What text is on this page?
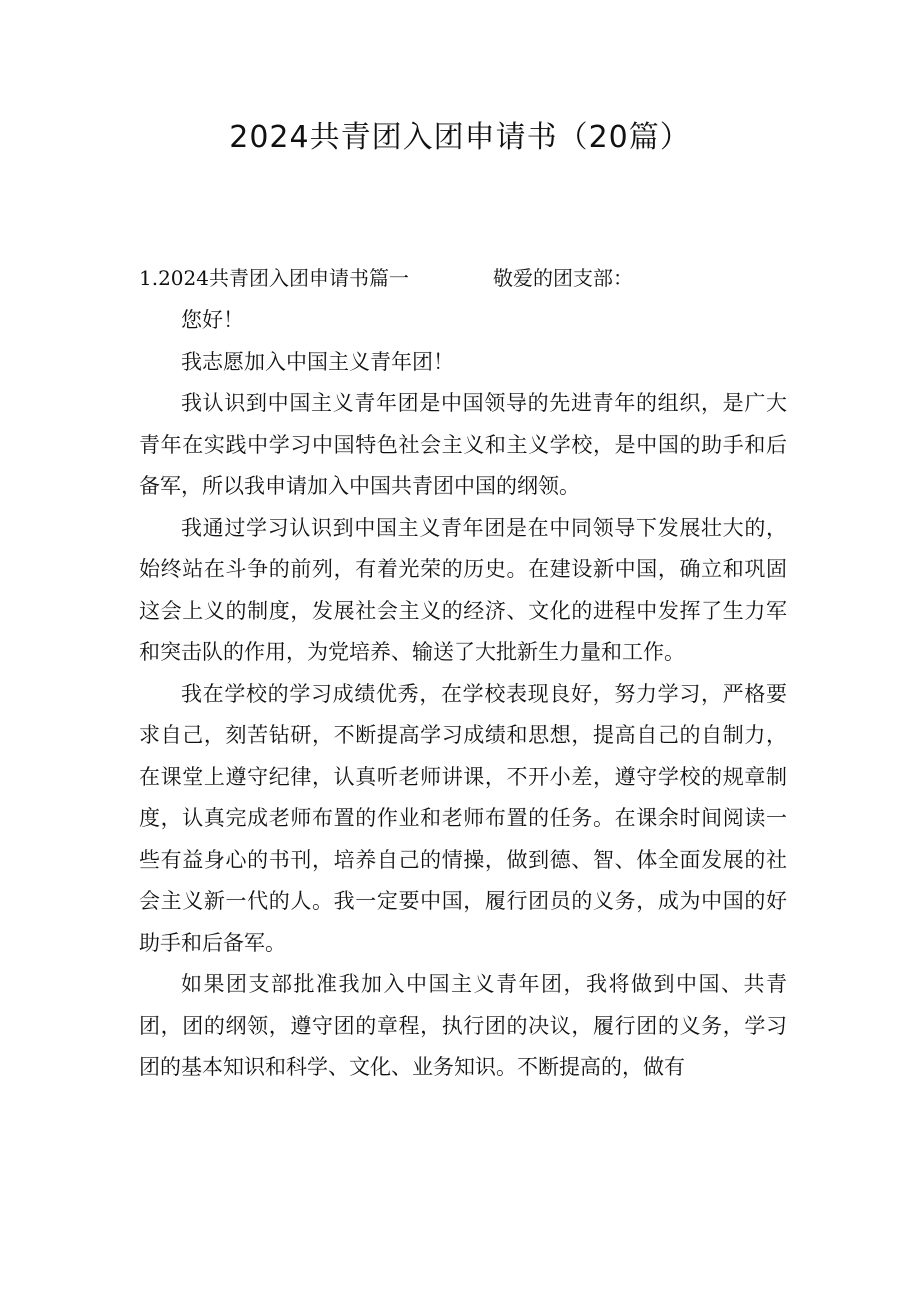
2024共青团入团申请书（20篇）
1.2024共青团入团申请书篇一	敬爱的团支部：

您好！

我志愿加入中国主义青年团！

我认识到中国主义青年团是中国领导的先进青年的组织，是广大青年在实践中学习中国特色社会主义和主义学校，是中国的助手和后备军，所以我申请加入中国共青团中国的纲领。

我通过学习认识到中国主义青年团是在中同领导下发展壮大的，始终站在斗争的前列，有着光荣的历史。在建设新中国，确立和巩固这会上义的制度，发展社会主义的经济、文化的进程中发挥了生力军和突击队的作用，为党培养、输送了大批新生力量和工作。

我在学校的学习成绩优秀，在学校表现良好，努力学习，严格要求自己，刻苦钻研，不断提高学习成绩和思想，提高自己的自制力，在课堂上遵守纪律，认真听老师讲课，不开小差，遵守学校的规章制度，认真完成老师布置的作业和老师布置的任务。在课余时间阅读一些有益身心的书刊，培养自己的情操，做到德、智、体全面发展的社会主义新一代的人。我一定要中国，履行团员的义务，成为中国的好助手和后备军。

如果团支部批准我加入中国主义青年团，我将做到中国、共青团，团的纲领，遵守团的章程，执行团的决议，履行团的义务，学习团的基本知识和科学、文化、业务知识。不断提高的，做有
